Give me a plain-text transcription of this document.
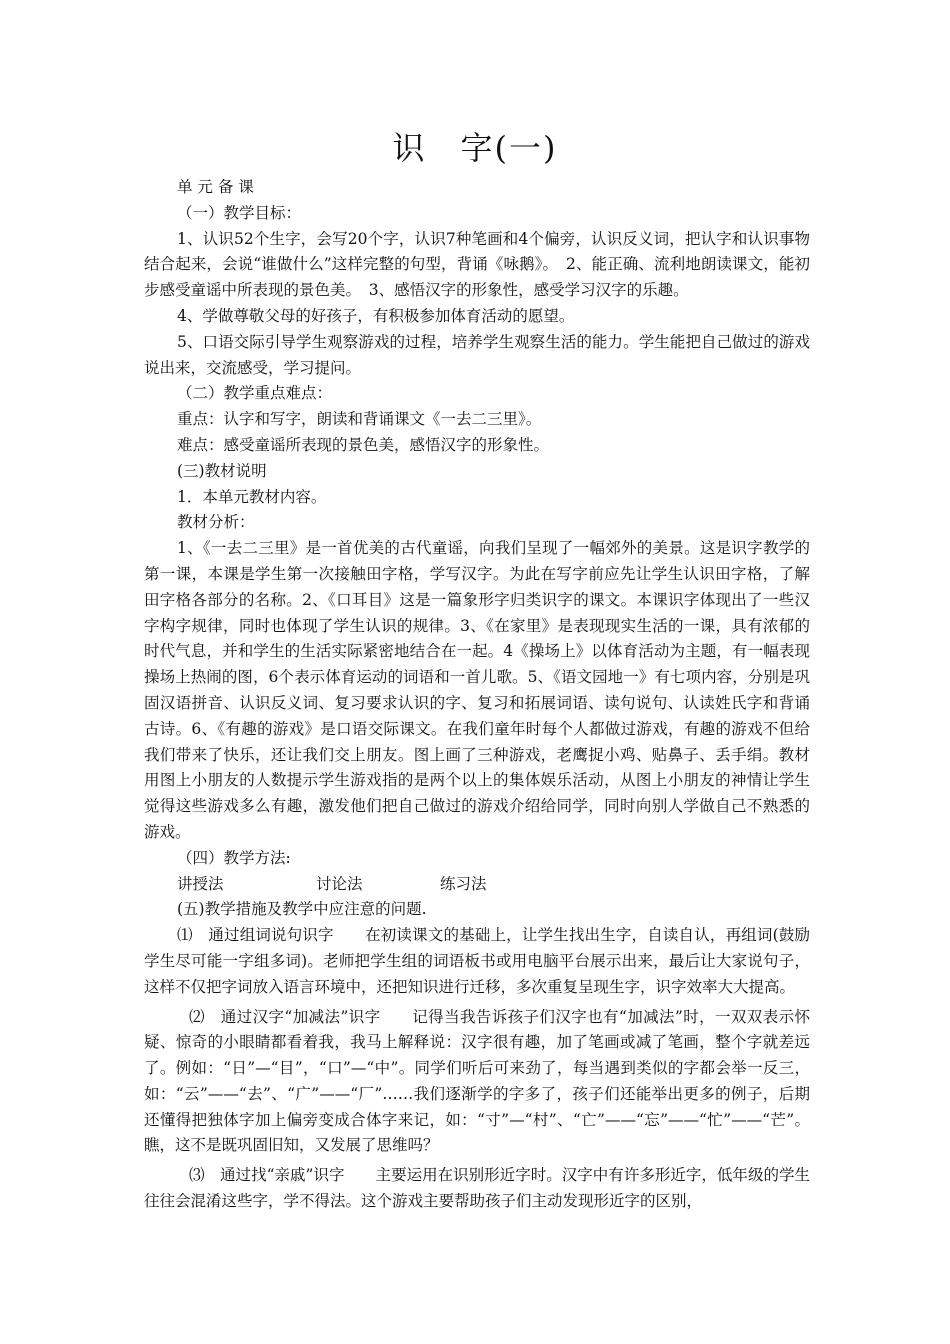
识　字(一)

单 元 备 课

（一）教学目标：

1、认识52个生字，会写20个字，认识7种笔画和4个偏旁，认识反义词，把认字和认识事物结合起来，会说“谁做什么”这样完整的句型，背诵《咏鹅》。　2、能正确、流利地朗读课文，能初步感受童谣中所表现的景色美。　3、感悟汉字的形象性，感受学习汉字的乐趣。

4、学做尊敬父母的好孩子，有积极参加体育活动的愿望。

5、口语交际引导学生观察游戏的过程，培养学生观察生活的能力。学生能把自己做过的游戏说出来，交流感受，学习提问。

（二）教学重点难点：

重点：认字和写字，朗读和背诵课文《一去二三里》。

难点：感受童谣所表现的景色美，感悟汉字的形象性。

(三)教材说明

1．本单元教材内容。

教材分析：

1、《一去二三里》是一首优美的古代童谣，向我们呈现了一幅郊外的美景。这是识字教学的第一课，本课是学生第一次接触田字格，学写汉字。为此在写字前应先让学生认识田字格，了解田字格各部分的名称。2、《口耳目》这是一篇象形字归类识字的课文。本课识字体现出了一些汉字构字规律，同时也体现了学生认识的规律。3、《在家里》是表现现实生活的一课，具有浓郁的时代气息，并和学生的生活实际紧密地结合在一起。4《操场上》以体育活动为主题，有一幅表现操场上热闹的图，6个表示体育运动的词语和一首儿歌。5、《语文园地一》有七项内容，分别是巩固汉语拼音、认识反义词、复习要求认识的字、复习和拓展词语、读句说句、认读姓氏字和背诵古诗。6、《有趣的游戏》是口语交际课文。在我们童年时每个人都做过游戏，有趣的游戏不但给我们带来了快乐，还让我们交上朋友。图上画了三种游戏，老鹰捉小鸡、贴鼻子、丢手绢。教材用图上小朋友的人数提示学生游戏指的是两个以上的集体娱乐活动，从图上小朋友的神情让学生觉得这些游戏多么有趣，激发他们把自己做过的游戏介绍给同学，同时向别人学做自己不熟悉的游戏。

（四）教学方法:

讲授法	讨论法	练习法

(五)教学措施及教学中应注意的问题.

⑴　通过组词说句识字　　在初读课文的基础上，让学生找出生字，自读自认，再组词(鼓励学生尽可能一字组多词)。老师把学生组的词语板书或用电脑平台展示出来，最后让大家说句子，这样不仅把字词放入语言环境中，还把知识进行迁移，多次重复呈现生字，识字效率大大提高。

⑵　通过汉字“加减法”识字　　记得当我告诉孩子们汉字也有“加减法”时，一双双表示怀疑、惊奇的小眼睛都看着我，我马上解释说：汉字很有趣，加了笔画或减了笔画，整个字就差远了。例如：“日”—“目”，“口”—“中”。同学们听后可来劲了，每当遇到类似的字都会举一反三，如：“云”——“去”、“广”——“厂”……我们逐渐学的字多了，孩子们还能举出更多的例子，后期还懂得把独体字加上偏旁变成合体字来记，如：“寸”—“村”、“亡”——“忘”——“忙”——“芒”。瞧，这不是既巩固旧知，又发展了思维吗？

⑶　通过找“亲戚”识字　　主要运用在识别形近字时。汉字中有许多形近字，低年级的学生往往会混淆这些字，学不得法。这个游戏主要帮助孩子们主动发现形近字的区别，
